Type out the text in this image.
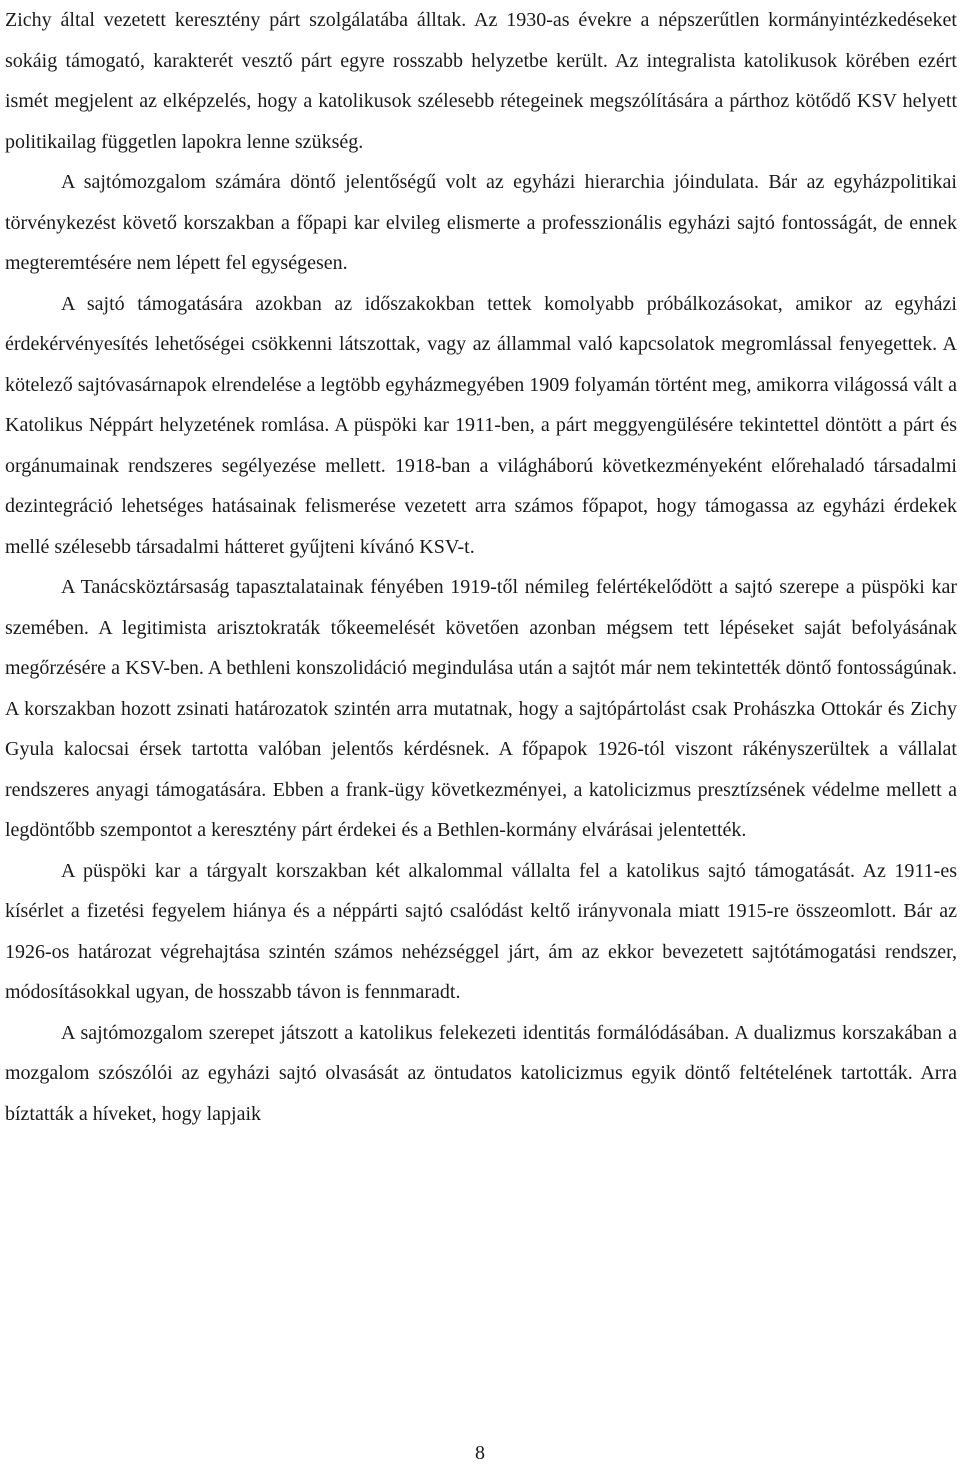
Zichy által vezetett keresztény párt szolgálatába álltak. Az 1930-as évekre a népszerűtlen kormányintézkedéseket sokáig támogató, karakterét vesztő párt egyre rosszabb helyzetbe került. Az integralista katolikusok körében ezért ismét megjelent az elképzelés, hogy a katolikusok szélesebb rétegeinek megszólítására a párthoz kötődő KSV helyett politikailag független lapokra lenne szükség.

A sajtómozgalom számára döntő jelentőségű volt az egyházi hierarchia jóindulata. Bár az egyházpolitikai törvénykezést követő korszakban a főpapi kar elvileg elismerte a professzionális egyházi sajtó fontosságát, de ennek megteremtésére nem lépett fel egységesen.

A sajtó támogatására azokban az időszakokban tettek komolyabb próbálkozásokat, amikor az egyházi érdekérvényesítés lehetőségei csökkenni látszottak, vagy az állammal való kapcsolatok megromlással fenyegettek. A kötelező sajtóvasárnapok elrendelése a legtöbb egyházmegyében 1909 folyamán történt meg, amikorra világossá vált a Katolikus Néppárt helyzetének romlása. A püspöki kar 1911-ben, a párt meggyengülésére tekintettel döntött a párt és orgánumainak rendszeres segélyezése mellett. 1918-ban a világháború következményeként előrehaladó társadalmi dezintegráció lehetséges hatásainak felismerése vezetett arra számos főpapot, hogy támogassa az egyházi érdekek mellé szélesebb társadalmi hátteret gyűjteni kívánó KSV-t.

A Tanácsköztársaság tapasztalatainak fényében 1919-től némileg felértékelődött a sajtó szerepe a püspöki kar szemében. A legitimista arisztokraták tőkeemelését követően azonban mégsem tett lépéseket saját befolyásának megőrzésére a KSV-ben. A bethleni konszolidáció megindulása után a sajtót már nem tekintették döntő fontosságúnak. A korszakban hozott zsinati határozatok szintén arra mutatnak, hogy a sajtópártolást csak Prohászka Ottokár és Zichy Gyula kalocsai érsek tartotta valóban jelentős kérdésnek. A főpapok 1926-tól viszont rákényszerültek a vállalat rendszeres anyagi támogatására. Ebben a frank-ügy következményei, a katolicizmus presztízsének védelme mellett a legdöntőbb szempontot a keresztény párt érdekei és a Bethlen-kormány elvárásai jelentették.

A püspöki kar a tárgyalt korszakban két alkalommal vállalta fel a katolikus sajtó támogatását. Az 1911-es kísérlet a fizetési fegyelem hiánya és a néppárti sajtó csalódást keltő irányvonala miatt 1915-re összeomlott. Bár az 1926-os határozat végrehajtása szintén számos nehézséggel járt, ám az ekkor bevezetett sajtótámogatási rendszer, módosításokkal ugyan, de hosszabb távon is fennmaradt.

A sajtómozgalom szerepet játszott a katolikus felekezeti identitás formálódásában. A dualizmus korszakában a mozgalom szószólói az egyházi sajtó olvasását az öntudatos katolicizmus egyik döntő feltételének tartották. Arra bíztatták a híveket, hogy lapjaik

8
